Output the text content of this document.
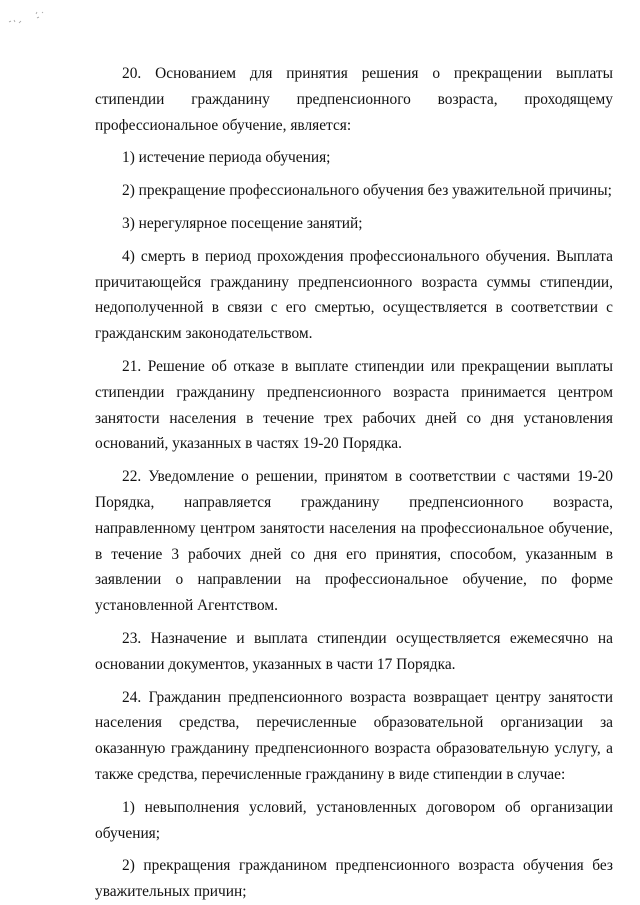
20. Основанием для принятия решения о прекращении выплаты стипендии гражданину предпенсионного возраста, проходящему профессиональное обучение, является:

1) истечение периода обучения;

2) прекращение профессионального обучения без уважительной причины;

3) нерегулярное посещение занятий;

4) смерть в период прохождения профессионального обучения. Выплата причитающейся гражданину предпенсионного возраста суммы стипендии, недополученной в связи с его смертью, осуществляется в соответствии с гражданским законодательством.

21. Решение об отказе в выплате стипендии или прекращении выплаты стипендии гражданину предпенсионного возраста принимается центром занятости населения в течение трех рабочих дней со дня установления оснований, указанных в частях 19-20 Порядка.

22. Уведомление о решении, принятом в соответствии с частями 19-20 Порядка, направляется гражданину предпенсионного возраста, направленному центром занятости населения на профессиональное обучение, в течение 3 рабочих дней со дня его принятия, способом, указанным в заявлении о направлении на профессиональное обучение, по форме установленной Агентством.

23. Назначение и выплата стипендии осуществляется ежемесячно на основании документов, указанных в части 17 Порядка.

24. Гражданин предпенсионного возраста возвращает центру занятости населения средства, перечисленные образовательной организации за оказанную гражданину предпенсионного возраста образовательную услугу, а также средства, перечисленные гражданину в виде стипендии в случае:

1) невыполнения условий, установленных договором об организации обучения;

2) прекращения гражданином предпенсионного возраста обучения без уважительных причин;
